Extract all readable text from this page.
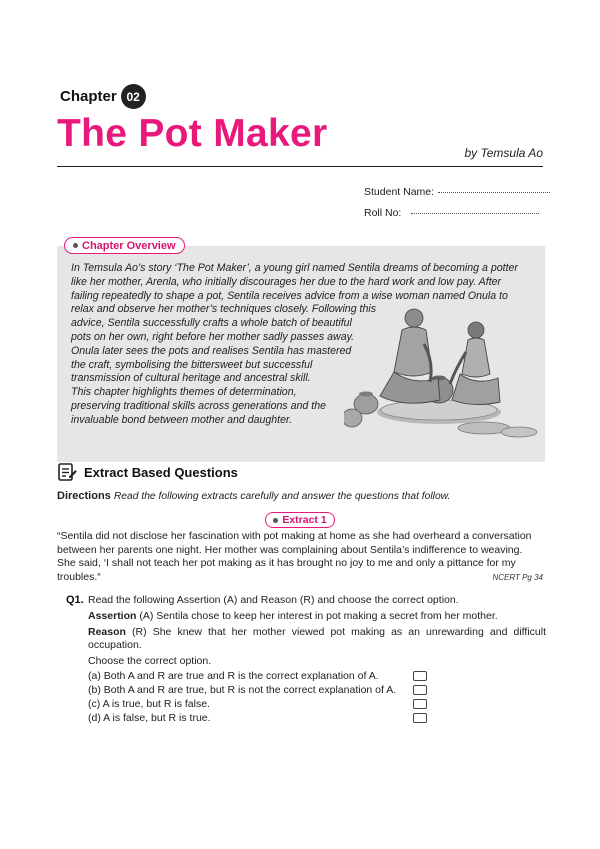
Chapter 02
The Pot Maker	by Temsula Ao
Student Name:
Roll No:
Chapter Overview
In Temsula Ao’s story ‘The Pot Maker’, a young girl named Sentila dreams of becoming a potter
like her mother, Arenla, who initially discourages her due to the hard work and low pay. After
failing repeatedly to shape a pot, Sentila receives advice from a wise woman named Onula to
relax and observe her mother’s techniques closely. Following this
advice, Sentila successfully crafts a whole batch of beautiful
pots on her own, right before her mother sadly passes away.
Onula later sees the pots and realises Sentila has mastered
the craft, symbolising the bittersweet but successful
transmission of cultural heritage and ancestral skill.
This chapter highlights themes of determination,
preserving traditional skills across generations and the
invaluable bond between mother and daughter.
Extract Based Questions
Directions Read the following extracts carefully and answer the questions that follow.
Extract 1
“Sentila did not disclose her fascination with pot making at home as she had overheard a conversation
between her parents one night. Her mother was complaining about Sentila’s indifference to weaving.
She said, ‘I shall not teach her pot making as it has brought no joy to me and only a pittance for my
troubles.“	NCERT Pg 34
Q1. Read the following Assertion (A) and Reason (R) and choose the correct option.
Assertion (A) Sentila chose to keep her interest in pot making a secret from her mother.
Reason (R) She knew that her mother viewed pot making as an unrewarding and difficult occupation.
Choose the correct option.
(a) Both A and R are true and R is the correct explanation of A.
(b) Both A and R are true, but R is not the correct explanation of A.
(c) A is true, but R is false.
(d) A is false, but R is true.
